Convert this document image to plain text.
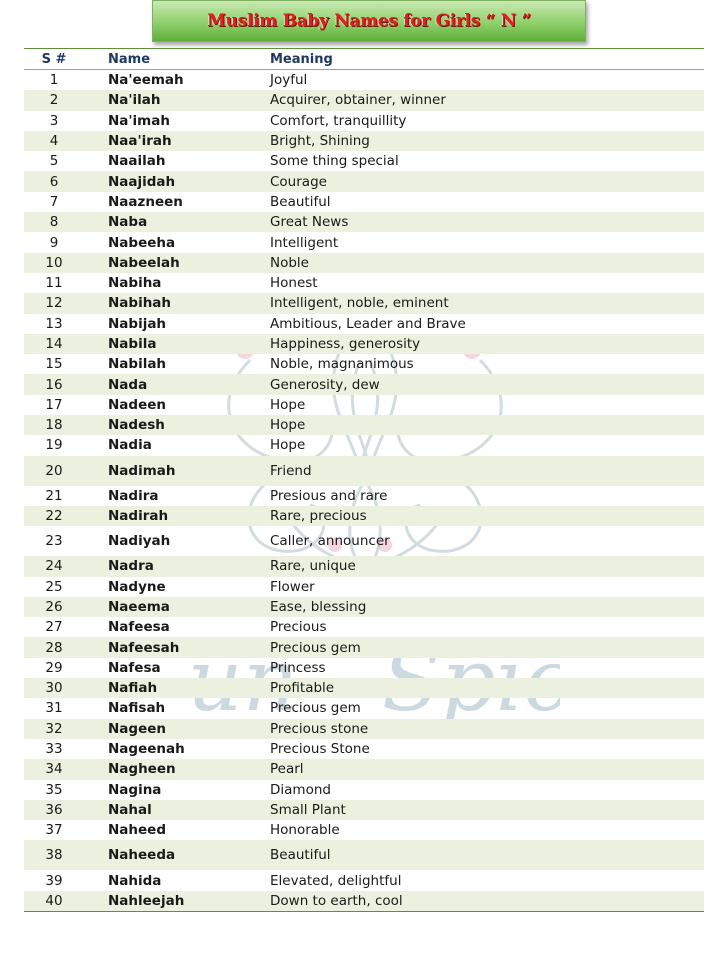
Muslim Baby Names for Girls “ N ”
S #	Name	Meaning
1	Na'eemah	Joyful
2	Na'ilah	Acquirer, obtainer, winner
3	Na'imah	Comfort, tranquillity
4	Naa'irah	Bright, Shining
5	Naailah	Some thing special
6	Naajidah	Courage
7	Naazneen	Beautiful
8	Naba	Great News
9	Nabeeha	Intelligent
10	Nabeelah	Noble
11	Nabiha	Honest
12	Nabihah	Intelligent, noble, eminent
13	Nabijah	Ambitious, Leader and Brave
14	Nabila	Happiness, generosity
15	Nabilah	Noble, magnanimous
16	Nada	Generosity, dew
17	Nadeen	Hope
18	Nadesh	Hope
19	Nadia	Hope
20	Nadimah	Friend
21	Nadira	Presious and rare
22	Nadirah	Rare, precious
23	Nadiyah	Caller, announcer
24	Nadra	Rare, unique
25	Nadyne	Flower
26	Naeema	Ease, blessing
27	Nafeesa	Precious
28	Nafeesah	Precious gem
29	Nafesa	Princess
30	Nafiah	Profitable
31	Nafisah	Precious gem
32	Nageen	Precious stone
33	Nageenah	Precious Stone
34	Nagheen	Pearl
35	Nagina	Diamond
36	Nahal	Small Plant
37	Naheed	Honorable
38	Naheeda	Beautiful
39	Nahida	Elevated, delightful
40	Nahleejah	Down to earth, cool
